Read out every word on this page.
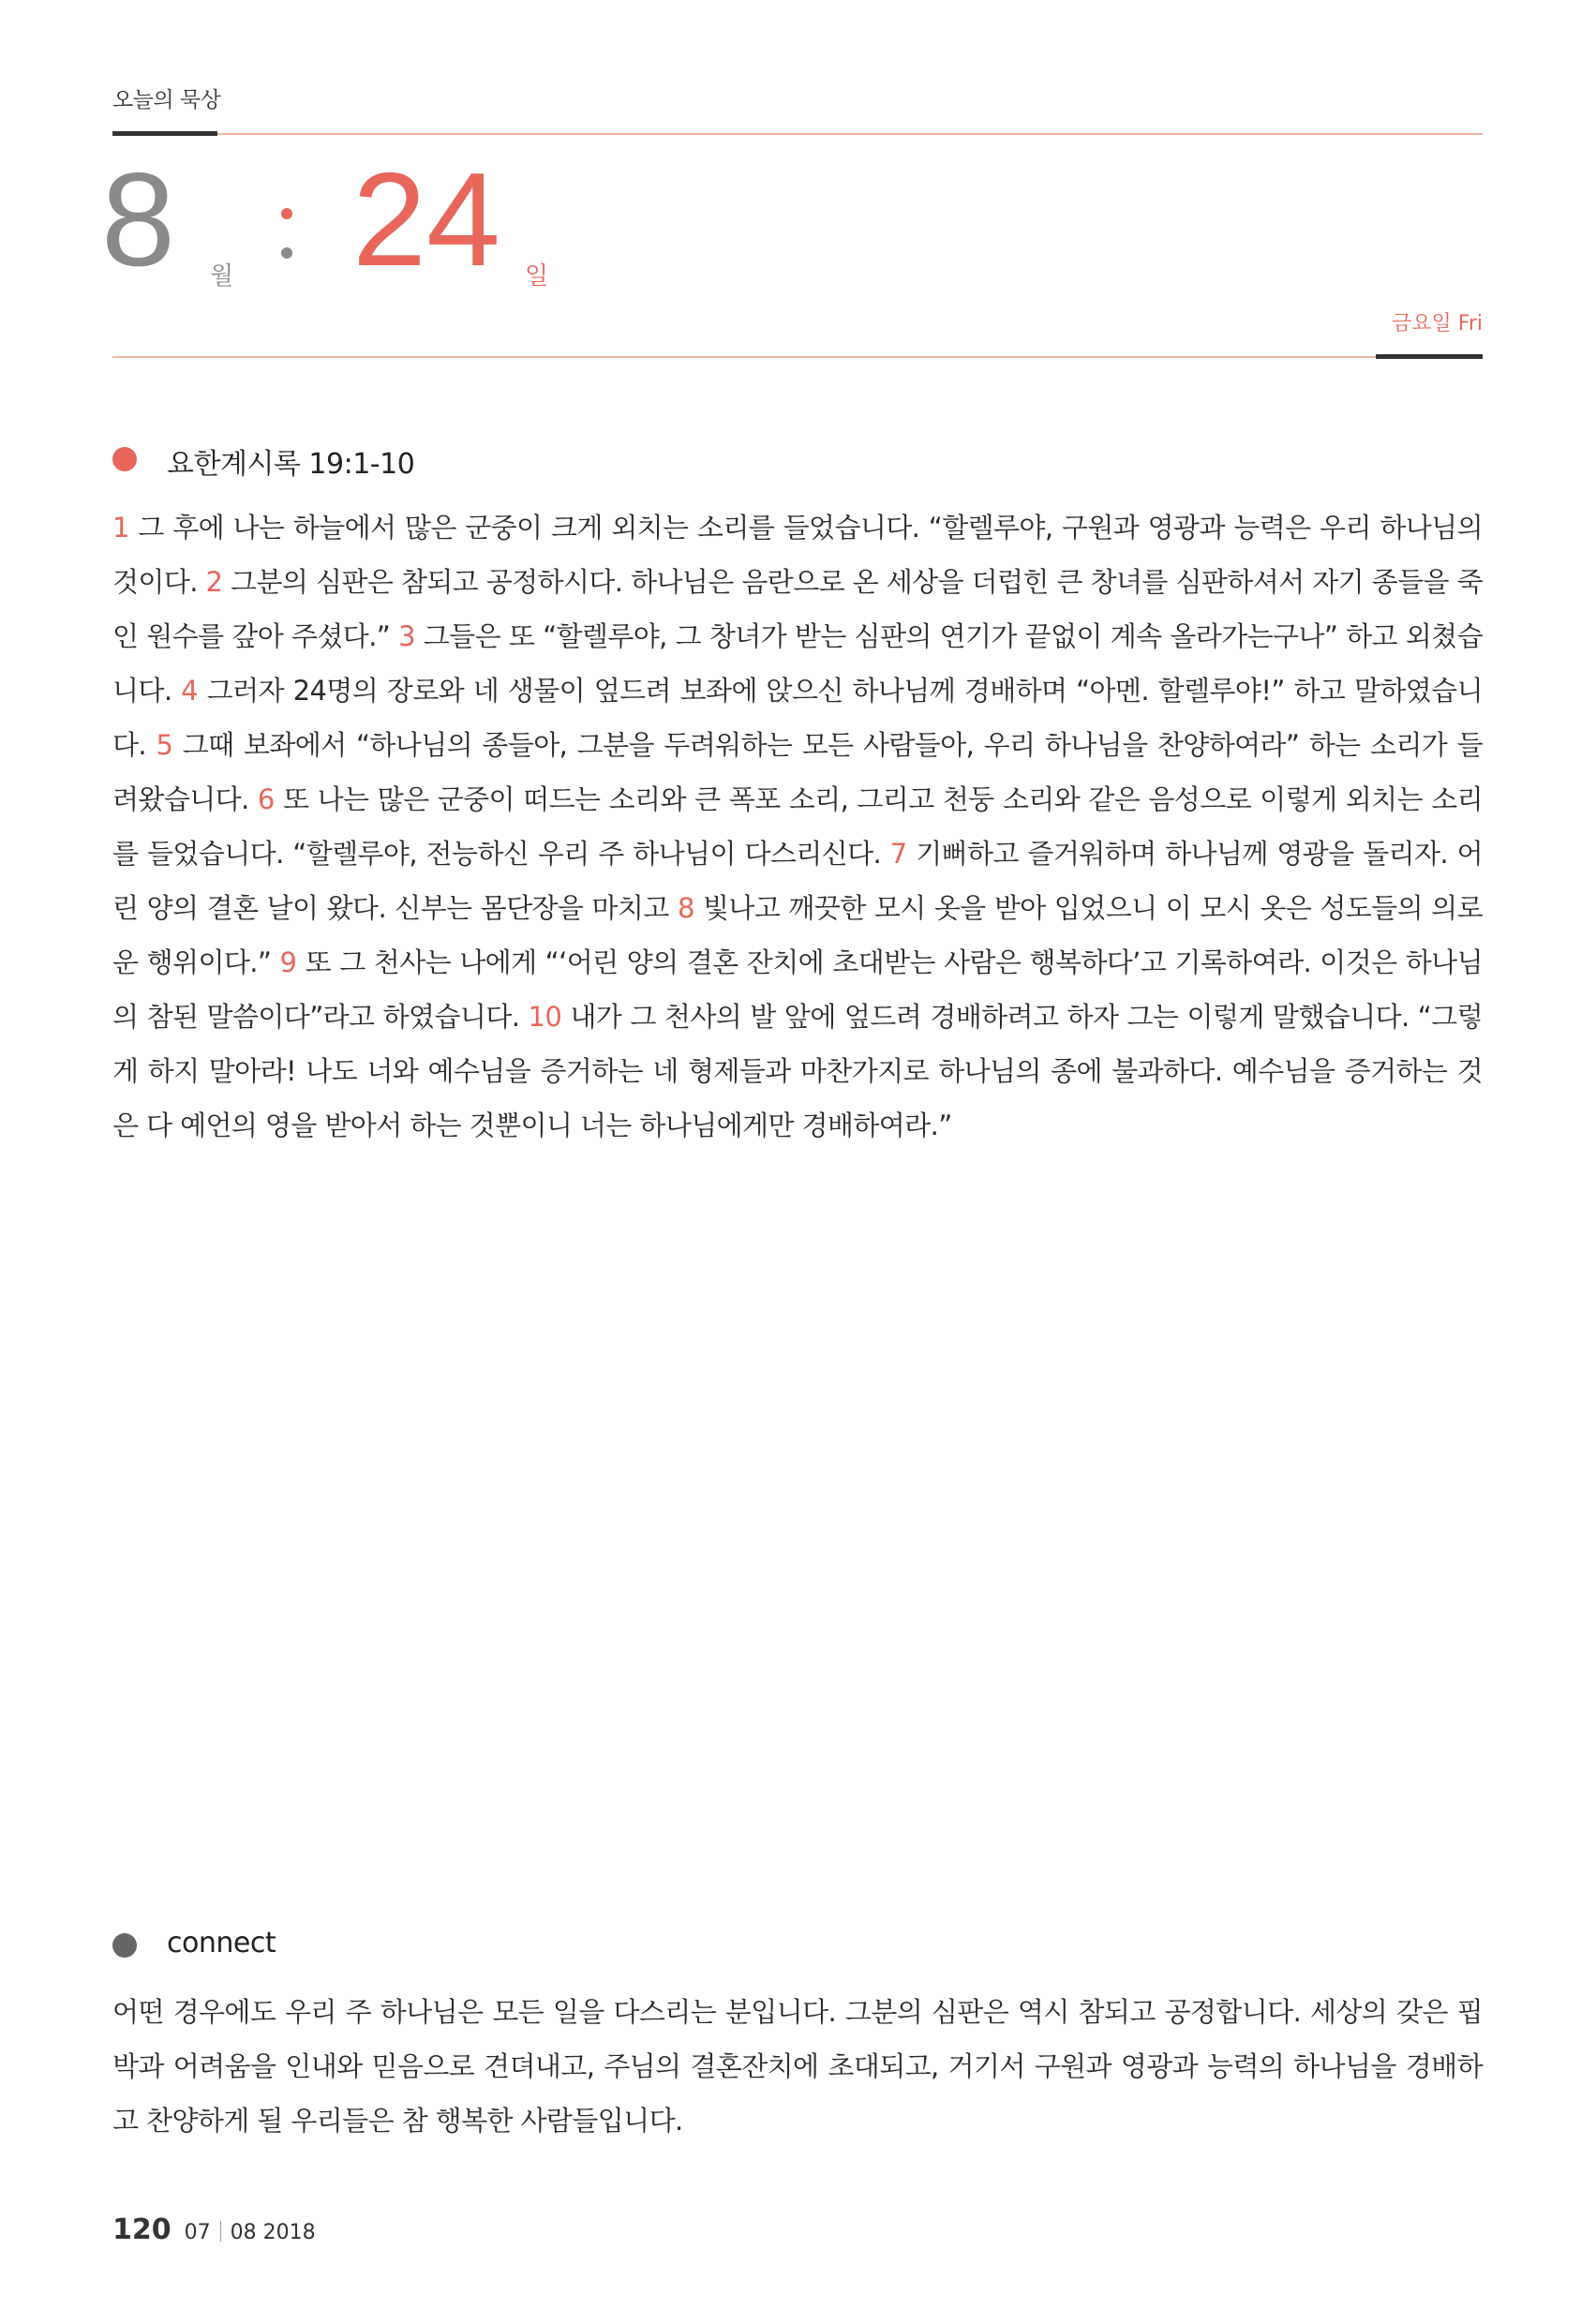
오늘의 묵상
8 월 24 일
금요일 Fri
요한계시록 19:1-10
1 그 후에 나는 하늘에서 많은 군중이 크게 외치는 소리를 들었습니다. “할렐루야, 구원과 영광과 능력은 우리 하나님의 것이다. 2 그분의 심판은 참되고 공정하시다. 하나님은 음란으로 온 세상을 더럽힌 큰 창녀를 심판하셔서 자기 종들을 죽인 원수를 갚아 주셨다.” 3 그들은 또 “할렐루야, 그 창녀가 받는 심판의 연기가 끝없이 계속 올라가는구나” 하고 외쳤습니다. 4 그러자 24명의 장로와 네 생물이 엎드려 보좌에 앉으신 하나님께 경배하며 “아멘. 할렐루야!” 하고 말하였습니다. 5 그때 보좌에서 “하나님의 종들아, 그분을 두려워하는 모든 사람들아, 우리 하나님을 찬양하여라” 하는 소리가 들려왔습니다. 6 또 나는 많은 군중이 떠드는 소리와 큰 폭포 소리, 그리고 천둥 소리와 같은 음성으로 이렇게 외치는 소리를 들었습니다. “할렐루야, 전능하신 우리 주 하나님이 다스리신다. 7 기뻐하고 즐거워하며 하나님께 영광을 돌리자. 어린 양의 결혼 날이 왔다. 신부는 몸단장을 마치고 8 빛나고 깨끗한 모시 옷을 받아 입었으니 이 모시 옷은 성도들의 의로운 행위이다.” 9 또 그 천사는 나에게 “‘어린 양의 결혼 잔치에 초대받는 사람은 행복하다’고 기록하여라. 이것은 하나님의 참된 말씀이다”라고 하였습니다. 10 내가 그 천사의 발 앞에 엎드려 경배하려고 하자 그는 이렇게 말했습니다. “그렇게 하지 말아라! 나도 너와 예수님을 증거하는 네 형제들과 마찬가지로 하나님의 종에 불과하다. 예수님을 증거하는 것은 다 예언의 영을 받아서 하는 것뿐이니 너는 하나님에게만 경배하여라.”
connect
어떤 경우에도 우리 주 하나님은 모든 일을 다스리는 분입니다. 그분의 심판은 역시 참되고 공정합니다. 세상의 갖은 핍박과 어려움을 인내와 믿음으로 견뎌내고, 주님의 결혼잔치에 초대되고, 거기서 구원과 영광과 능력의 하나님을 경배하고 찬양하게 될 우리들은 참 행복한 사람들입니다.
120 07 08 2018
